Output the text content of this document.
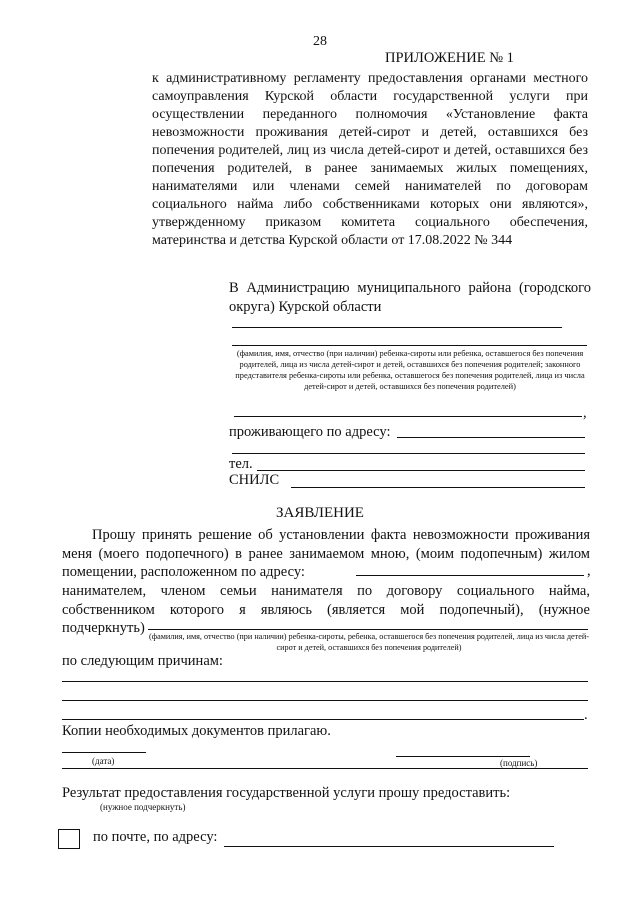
28
ПРИЛОЖЕНИЕ № 1
к административному регламенту предоставления органами местного самоуправления Курской области государственной услуги при осуществлении переданного полномочия «Установление факта невозможности проживания детей-сирот и детей, оставшихся без попечения родителей, лиц из числа детей-сирот и детей, оставшихся без попечения родителей, в ранее занимаемых жилых помещениях, нанимателями или членами семей нанимателей по договорам социального найма либо собственниками которых они являются», утвержденному приказом комитета социального обеспечения, материнства и детства Курской области от 17.08.2022 № 344
В Администрацию муниципального района (городского округа) Курской области
(фамилия, имя, отчество (при наличии) ребенка-сироты или ребенка, оставшегося без попечения родителей, лица из числа детей-сирот и детей, оставшихся без попечения родителей; законного представителя ребенка-сироты или ребенка, оставшегося без попечения родителей, лица из числа детей-сирот и детей, оставшихся без попечения родителей)
,
проживающего по адресу:
тел.
СНИЛС
ЗАЯВЛЕНИЕ

Прошу принять решение об установлении факта невозможности проживания меня (моего подопечного) в ранее занимаемом мною, (моим подопечным) жилом помещении, расположенном по адресу:	,

нанимателем, членом семьи нанимателя по договору социального найма, собственником которого я являюсь (является мой подопечный), (нужное подчеркнуть)

(фамилия, имя, отчество (при наличии) ребенка-сироты, ребенка, оставшегося без попечения родителей, лица из числа детей-сирот и детей, оставшихся без попечения родителей)
по следующим причинам:
.
Копии необходимых документов прилагаю.
(дата)	(подпись)
Результат предоставления государственной услуги прошу предоставить:
(нужное подчеркнуть)
по почте, по адресу:
